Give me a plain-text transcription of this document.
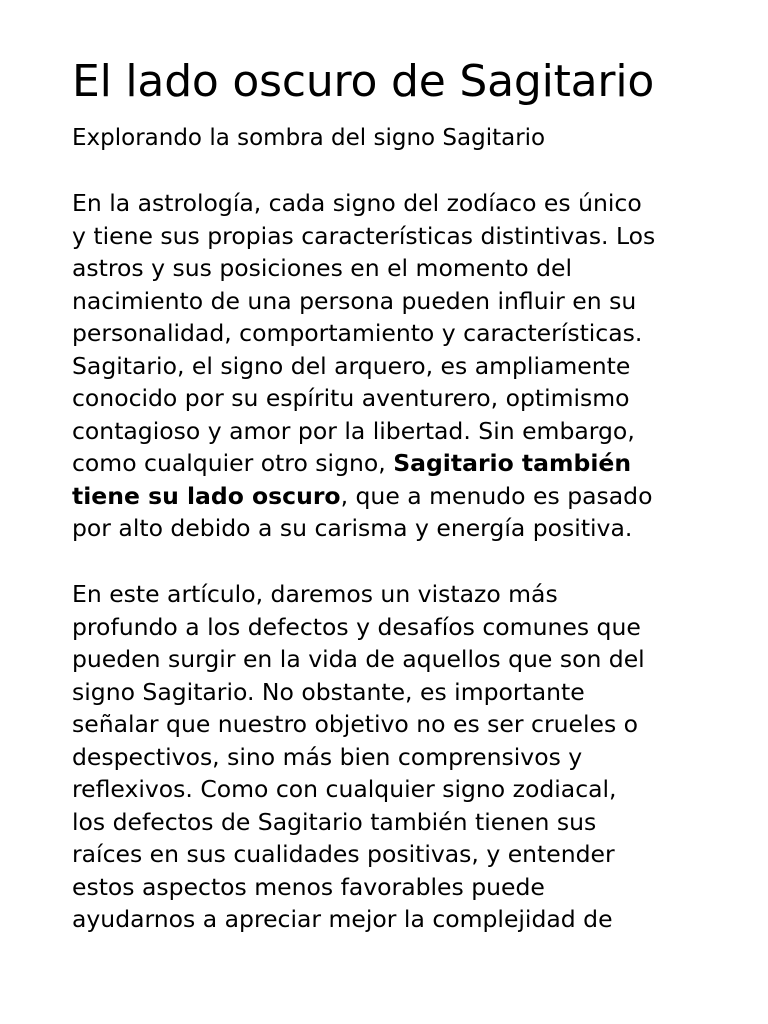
El lado oscuro de Sagitario

Explorando la sombra del signo Sagitario

En la astrología, cada signo del zodíaco es único
y tiene sus propias características distintivas. Los
astros y sus posiciones en el momento del
nacimiento de una persona pueden influir en su
personalidad, comportamiento y características.
Sagitario, el signo del arquero, es ampliamente
conocido por su espíritu aventurero, optimismo
contagioso y amor por la libertad. Sin embargo,
como cualquier otro signo, Sagitario también
tiene su lado oscuro, que a menudo es pasado
por alto debido a su carisma y energía positiva.

En este artículo, daremos un vistazo más
profundo a los defectos y desafíos comunes que
pueden surgir en la vida de aquellos que son del
signo Sagitario. No obstante, es importante
señalar que nuestro objetivo no es ser crueles o
despectivos, sino más bien comprensivos y
reflexivos. Como con cualquier signo zodiacal,
los defectos de Sagitario también tienen sus
raíces en sus cualidades positivas, y entender
estos aspectos menos favorables puede
ayudarnos a apreciar mejor la complejidad de
